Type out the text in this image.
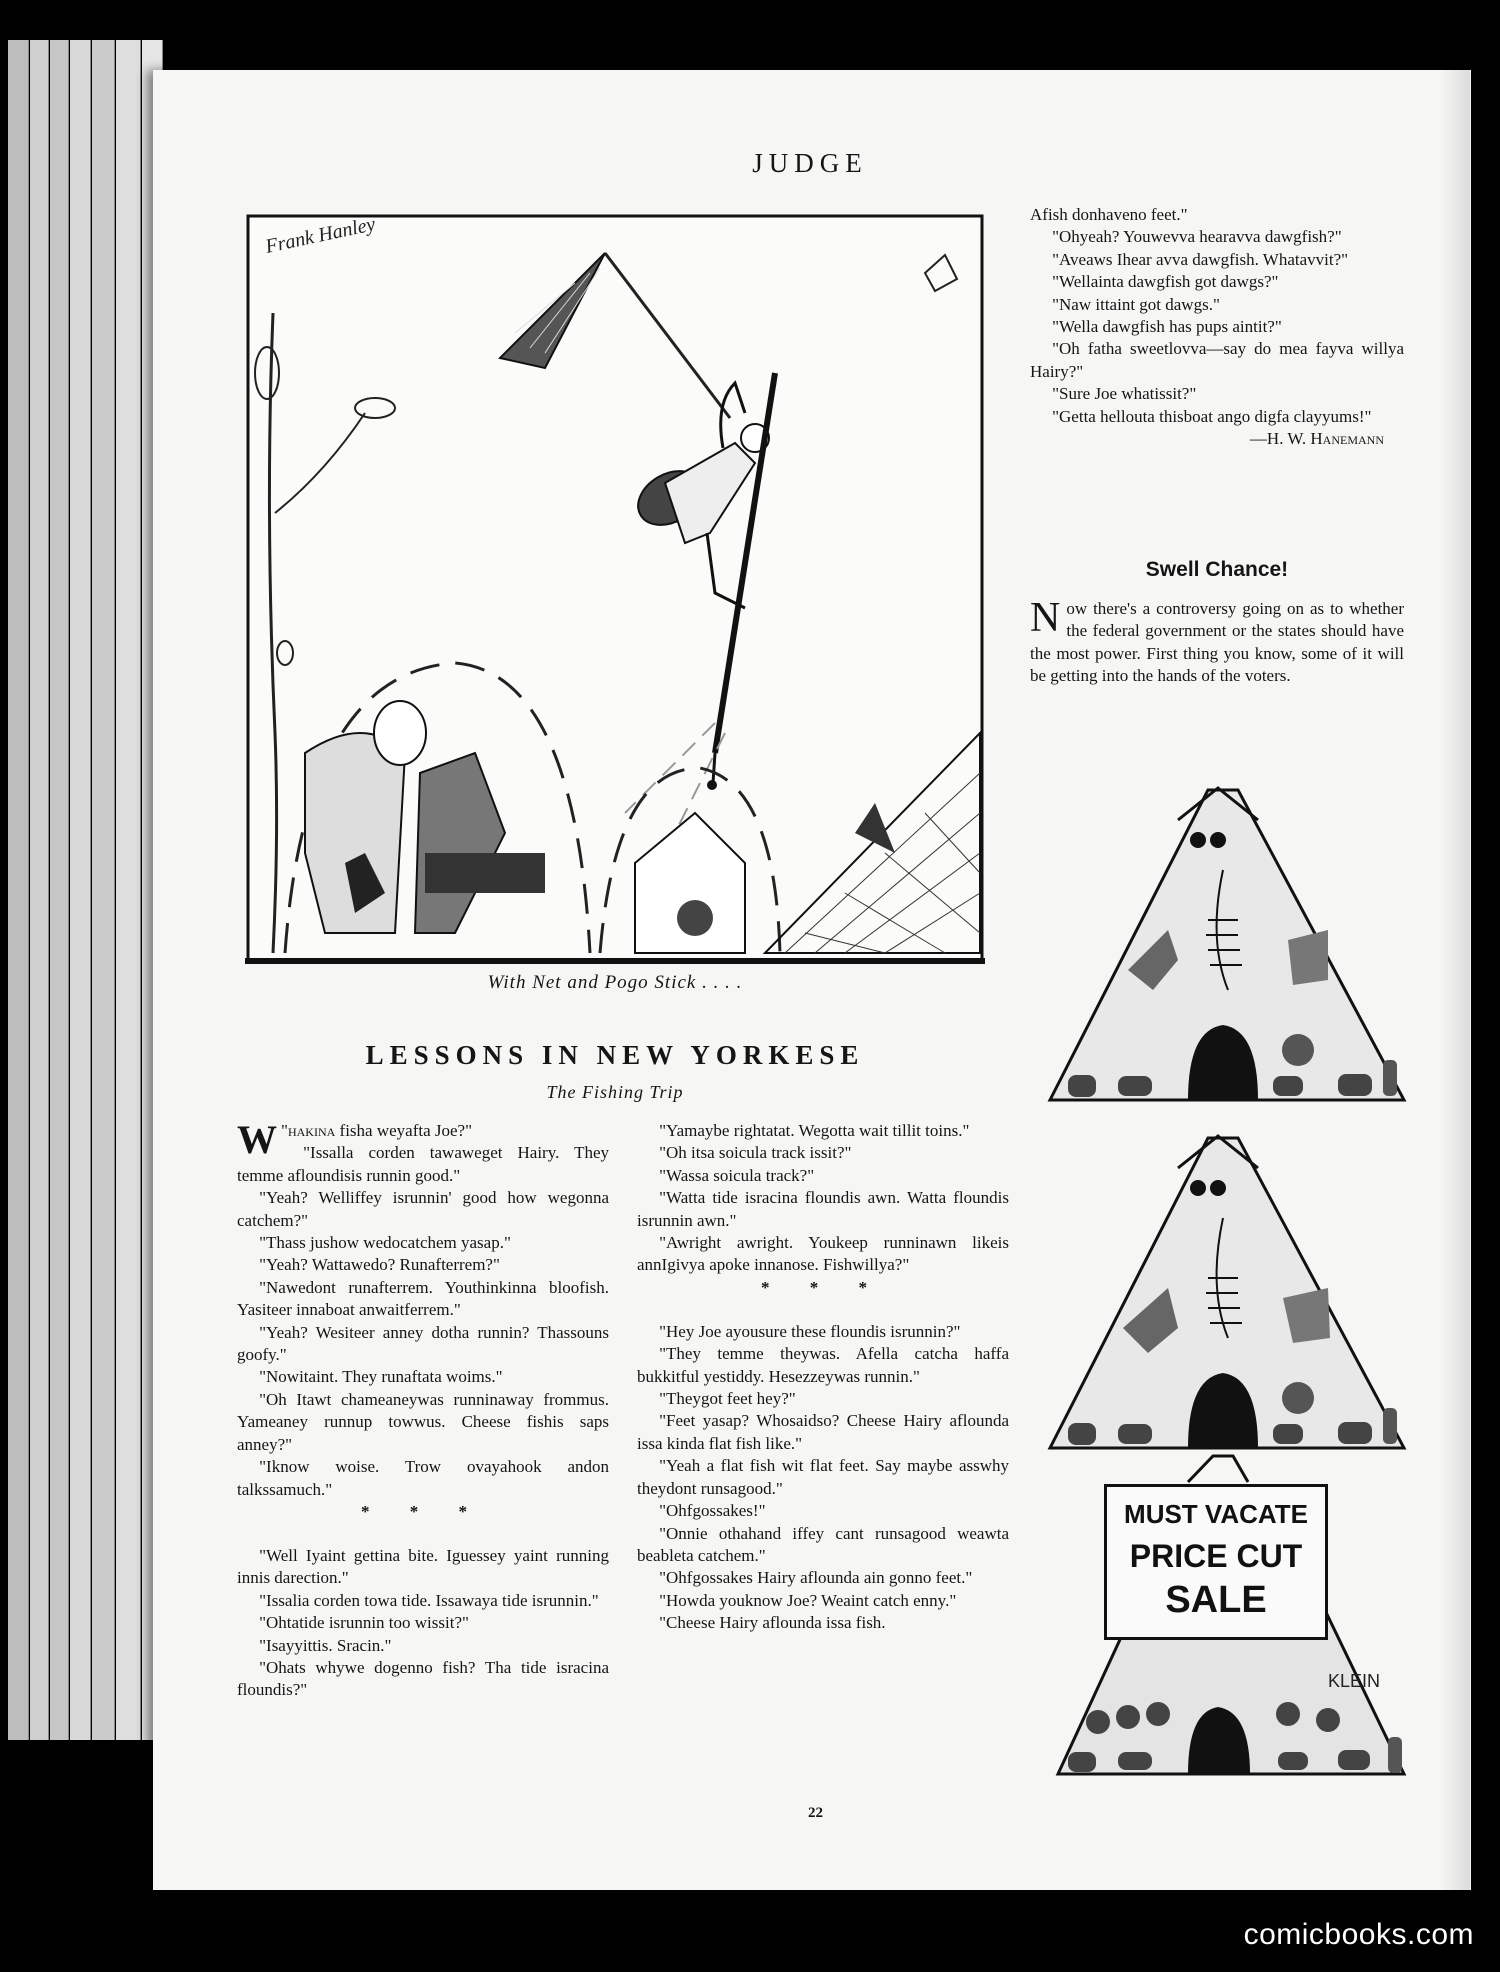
JUDGE
Frank Hanley
With Net and Pogo Stick . . . .
LESSONS IN NEW YORKESE
The Fishing Trip

"
W hakina fisha weyafta Joe?"

"Issalla corden tawaweget Hairy. They temme afloundisis runnin good."

"Yeah? Welliffey isrunnin' good how wegonna catchem?"

"Thass jushow wedocatchem yasap."

"Yeah? Wattawedo? Runafterrem?"

"Nawedont runafterrem. Youthinkinna bloofish. Yasiteer innaboat anwaitferrem."

"Yeah? Wesiteer anney dotha runnin? Thassouns goofy."

"Nowitaint. They runaftata woims."

"Oh Itawt chameaneywas runninaway frommus. Yameaney runnup towwus. Cheese fishis saps anney?"

"Iknow woise. Trow ovayahook andon talkssamuch."

* * *

"Well Iyaint gettina bite. Iguessey yaint running innis darection."

"Issalia corden towa tide. Issawaya tide isrunnin."

"Ohtatide isrunnin too wissit?"

"Isayyittis. Sracin."

"Ohats whywe dogenno fish? Tha tide isracina floundis?"

"Yamaybe rightatat. Wegotta wait tillit toins."

"Oh itsa soicula track issit?"

"Wassa soicula track?"

"Watta tide isracina floundis awn. Watta floundis isrunnin awn."

"Awright awright. Youkeep runninawn likeis annIgivya apoke innanose. Fishwillya?"

* * *

"Hey Joe ayousure these floundis isrunnin?"

"They temme theywas. Afella catcha haffa bukkitful yestiddy. Hesezzeywas runnin."

"Theygot feet hey?"

"Feet yasap? Whosaidso? Cheese Hairy aflounda issa kinda flat fish like."

"Yeah a flat fish wit flat feet. Say maybe asswhy theydont runsagood."

"Ohfgossakes!"

"Onnie othahand iffey cant runsagood weawta beableta catchem."

"Ohfgossakes Hairy aflounda ain gonno feet."

"Howda youknow Joe? Weaint catch enny."

"Cheese Hairy aflounda issa fish.

Afish donhaveno feet."

"Ohyeah? Youwevva hearavva dawgfish?"

"Aveaws Ihear avva dawgfish. Whatavvit?"

"Wellainta dawgfish got dawgs?"

"Naw ittaint got dawgs."

"Wella dawgfish has pups aintit?"

"Oh fatha sweetlovva—say do mea fayva willya Hairy?"

"Sure Joe whatissit?"

"Getta hellouta thisboat ango digfa clayyums!"

—H. W. Hanemann

Swell Chance!

Now there's a controversy going on as to whether the federal government or the states should have the most power. First thing you know, some of it will be getting into the hands of the voters.

KLEIN
MUST VACATE
PRICE CUT
SALE
22
comicbooks.com
